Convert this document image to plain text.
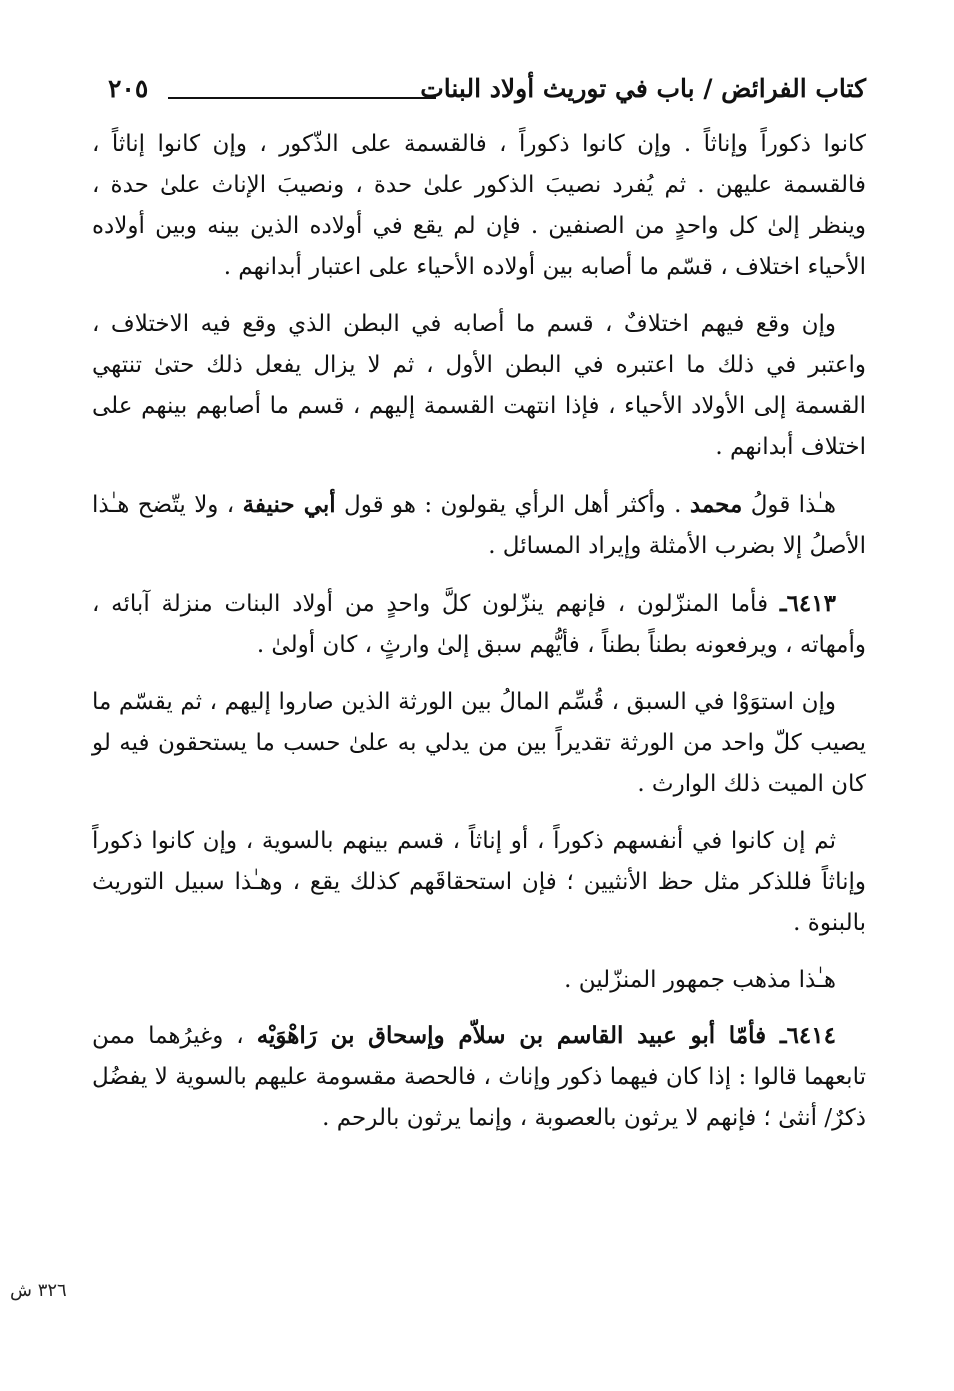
كتاب الفرائض / باب في توريث أولاد البنات
٢٠٥

كانوا ذكوراً وإناثاً . وإن كانوا ذكوراً ، فالقسمة على الذّكور ، وإن كانوا إناثاً ، فالقسمة عليهن . ثم يُفرد نصيبَ الذكور علىٰ حدة ، ونصيبَ الإناث علىٰ حدة ، وينظر إلىٰ كل واحدٍ من الصنفين . فإن لم يقع في أولاده الذين بينه وبين أولاده الأحياء اختلاف ، قسّم ما أصابه بين أولاده الأحياء على اعتبار أبدانهم .

وإن وقع فيهم اختلافٌ ، قسم ما أصابه في البطن الذي وقع فيه الاختلاف ، واعتبر في ذلك ما اعتبره في البطن الأول ، ثم لا يزال يفعل ذلك حتىٰ تنتهي القسمة إلى الأولاد الأحياء ، فإذا انتهت القسمة إليهم ، قسم ما أصابهم بينهم على اختلاف أبدانهم .

هـٰذا قولُ محمد . وأكثر أهل الرأي يقولون : هو قول أبي حنيفة ، ولا يتّضح هـٰذا الأصلُ إلا بضرب الأمثلة وإيراد المسائل .

٦٤١٣ـ فأما المنزّلون ، فإنهم ينزّلون كلَّ واحدٍ من أولاد البنات منزلة آبائه ، وأمهاته ، ويرفعونه بطناً بطناً ، فأيُّهم سبق إلىٰ وارثٍ ، كان أولىٰ .

وإن استوَوْا في السبق ، قُسِّم المالُ بين الورثة الذين صاروا إليهم ، ثم يقسّم ما يصيب كلّ واحد من الورثة تقديراً بين من يدلي به علىٰ حسب ما يستحقون فيه لو كان الميت ذلك الوارث .

ثم إن كانوا في أنفسهم ذكوراً ، أو إناثاً ، قسم بينهم بالسوية ، وإن كانوا ذكوراً وإناثاً فللذكر مثل حظ الأنثيين ؛ فإن استحقاقَهم كذلك يقع ، وهـٰذا سبيل التوريث بالبنوة .

هـٰذا مذهب جمهور المنزّلين .

٦٤١٤ـ فأمّا أبو عبيد القاسم بن سلاّم وإسحاق بن رَاهْوَيْه ، وغيرُهما ممن تابعهما قالوا : إذا كان فيهما ذكور وإناث ، فالحصة مقسومة عليهم بالسوية لا يفضُل ذكرٌ/ أنثىٰ ؛ فإنهم لا يرثون بالعصوبة ، وإنما يرثون بالرحم .

٣٢٦ ش
